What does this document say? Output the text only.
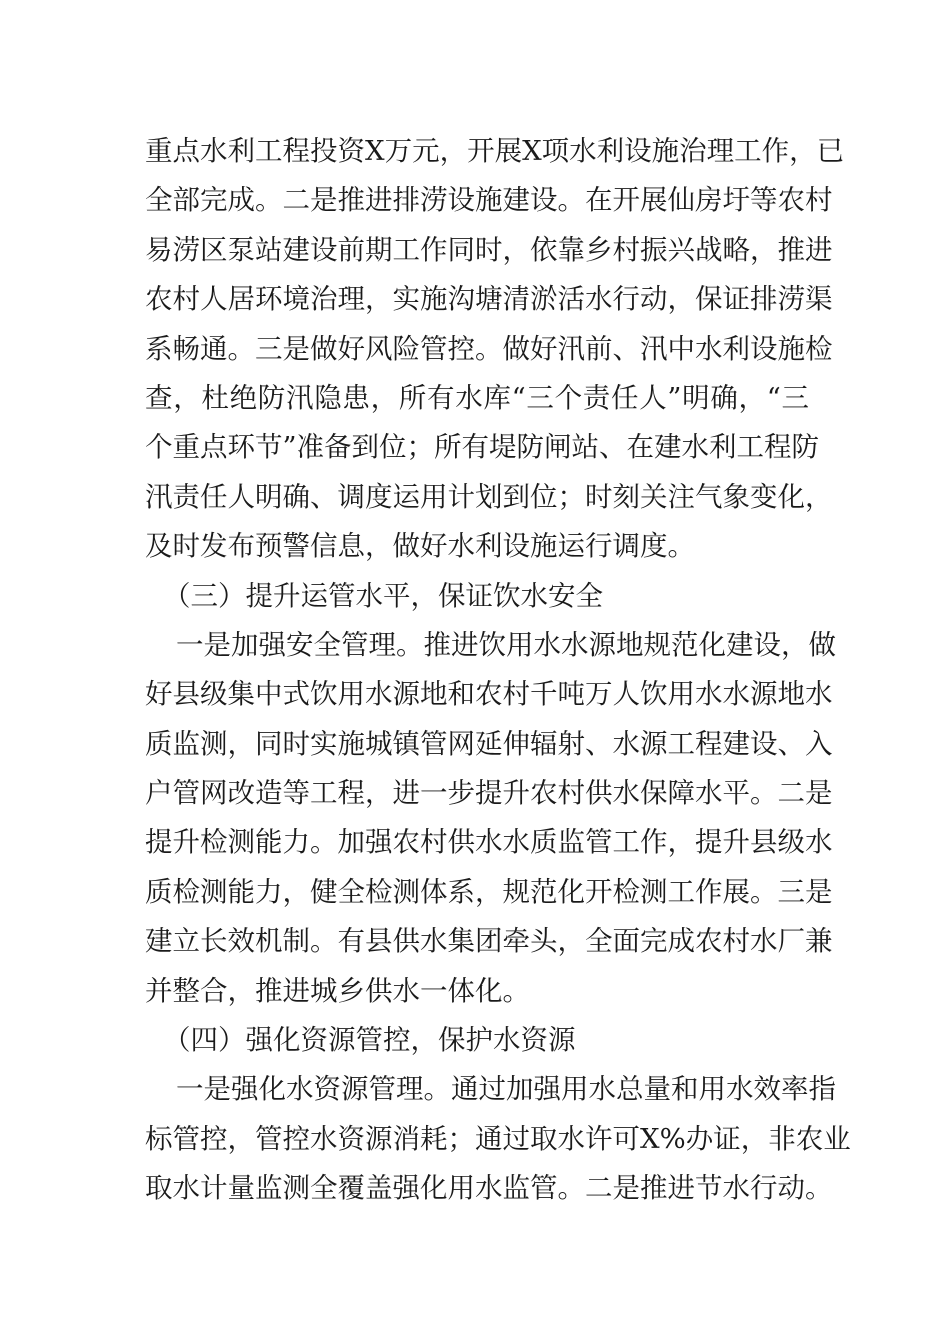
重点水利工程投资X万元，开展X项水利设施治理工作，已
全部完成。二是推进排涝设施建设。在开展仙房圩等农村
易涝区泵站建设前期工作同时，依靠乡村振兴战略，推进
农村人居环境治理，实施沟塘清淤活水行动，保证排涝渠
系畅通。三是做好风险管控。做好汛前、汛中水利设施检
查，杜绝防汛隐患，所有水库“三个责任人”明确，“三
个重点环节”准备到位；所有堤防闸站、在建水利工程防
汛责任人明确、调度运用计划到位；时刻关注气象变化，
及时发布预警信息，做好水利设施运行调度。
（三）提升运管水平，保证饮水安全
一是加强安全管理。推进饮用水水源地规范化建设，做
好县级集中式饮用水源地和农村千吨万人饮用水水源地水
质监测，同时实施城镇管网延伸辐射、水源工程建设、入
户管网改造等工程，进一步提升农村供水保障水平。二是
提升检测能力。加强农村供水水质监管工作，提升县级水
质检测能力，健全检测体系，规范化开检测工作展。三是
建立长效机制。有县供水集团牵头，全面完成农村水厂兼
并整合，推进城乡供水一体化。
（四）强化资源管控，保护水资源
一是强化水资源管理。通过加强用水总量和用水效率指
标管控，管控水资源消耗；通过取水许可X%办证，非农业
取水计量监测全覆盖强化用水监管。二是推进节水行动。
